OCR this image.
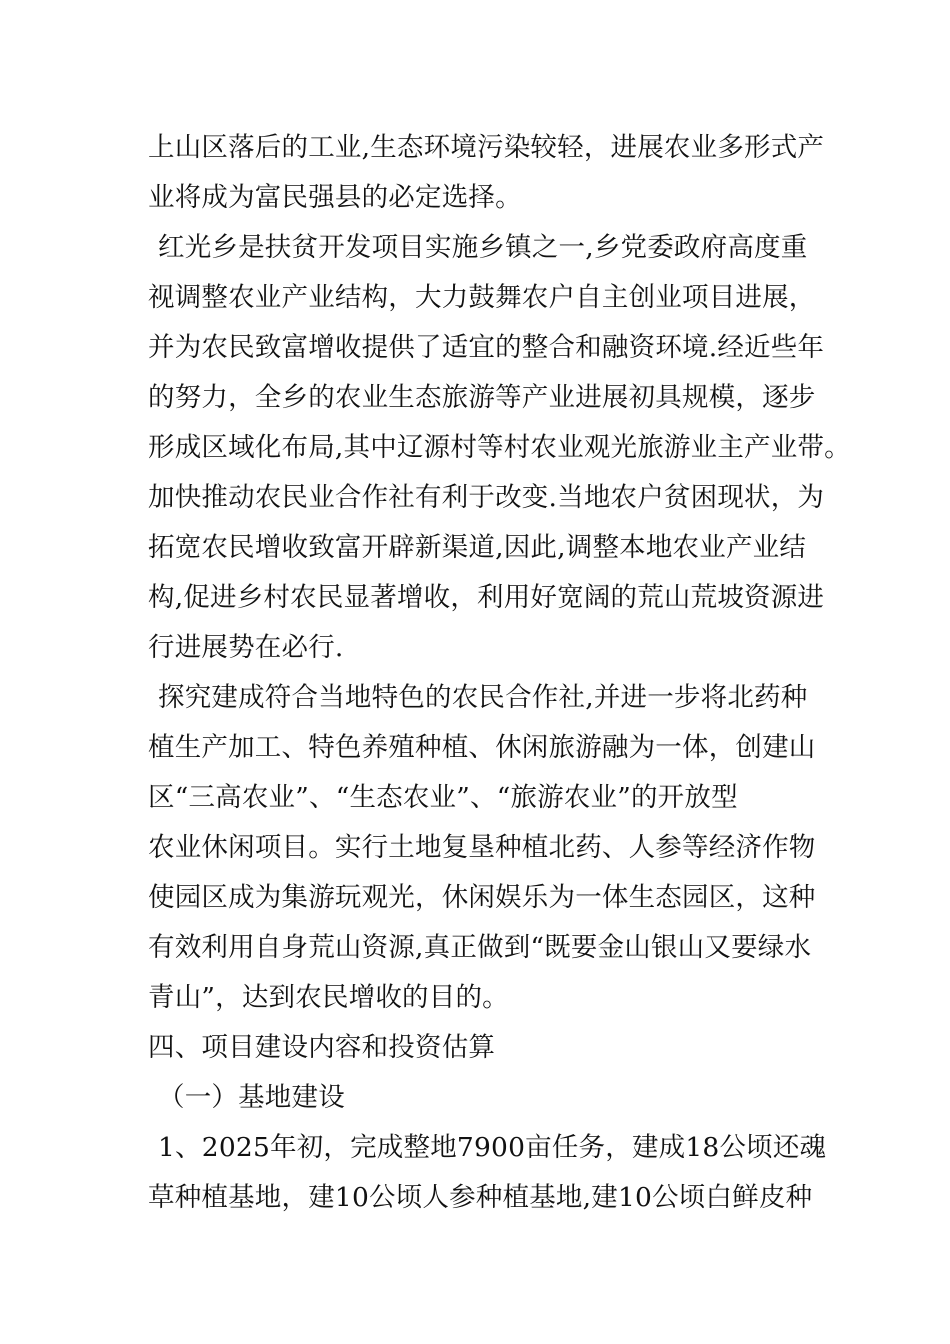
上山区落后的工业,生态环境污染较轻，进展农业多形式产
业将成为富民强县的必定选择。
红光乡是扶贫开发项目实施乡镇之一,乡党委政府高度重
视调整农业产业结构，大力鼓舞农户自主创业项目进展，
并为农民致富增收提供了适宜的整合和融资环境.经近些年
的努力，全乡的农业生态旅游等产业进展初具规模，逐步
形成区域化布局,其中辽源村等村农业观光旅游业主产业带。
加快推动农民业合作社有利于改变.当地农户贫困现状，为
拓宽农民增收致富开辟新渠道,因此,调整本地农业产业结
构,促进乡村农民显著增收，利用好宽阔的荒山荒坡资源进
行进展势在必行.
探究建成符合当地特色的农民合作社,并进一步将北药种
植生产加工、特色养殖种植、休闲旅游融为一体，创建山
区“三高农业”、“生态农业”、“旅游农业”的开放型
农业休闲项目。实行土地复垦种植北药、人参等经济作物
使园区成为集游玩观光，休闲娱乐为一体生态园区，这种
有效利用自身荒山资源,真正做到“既要金山银山又要绿水
青山”，达到农民增收的目的。
四、项目建设内容和投资估算
（一）基地建设
1、2025年初，完成整地7900亩任务，建成18公顷还魂
草种植基地，建10公顷人参种植基地,建10公顷白鲜皮种
